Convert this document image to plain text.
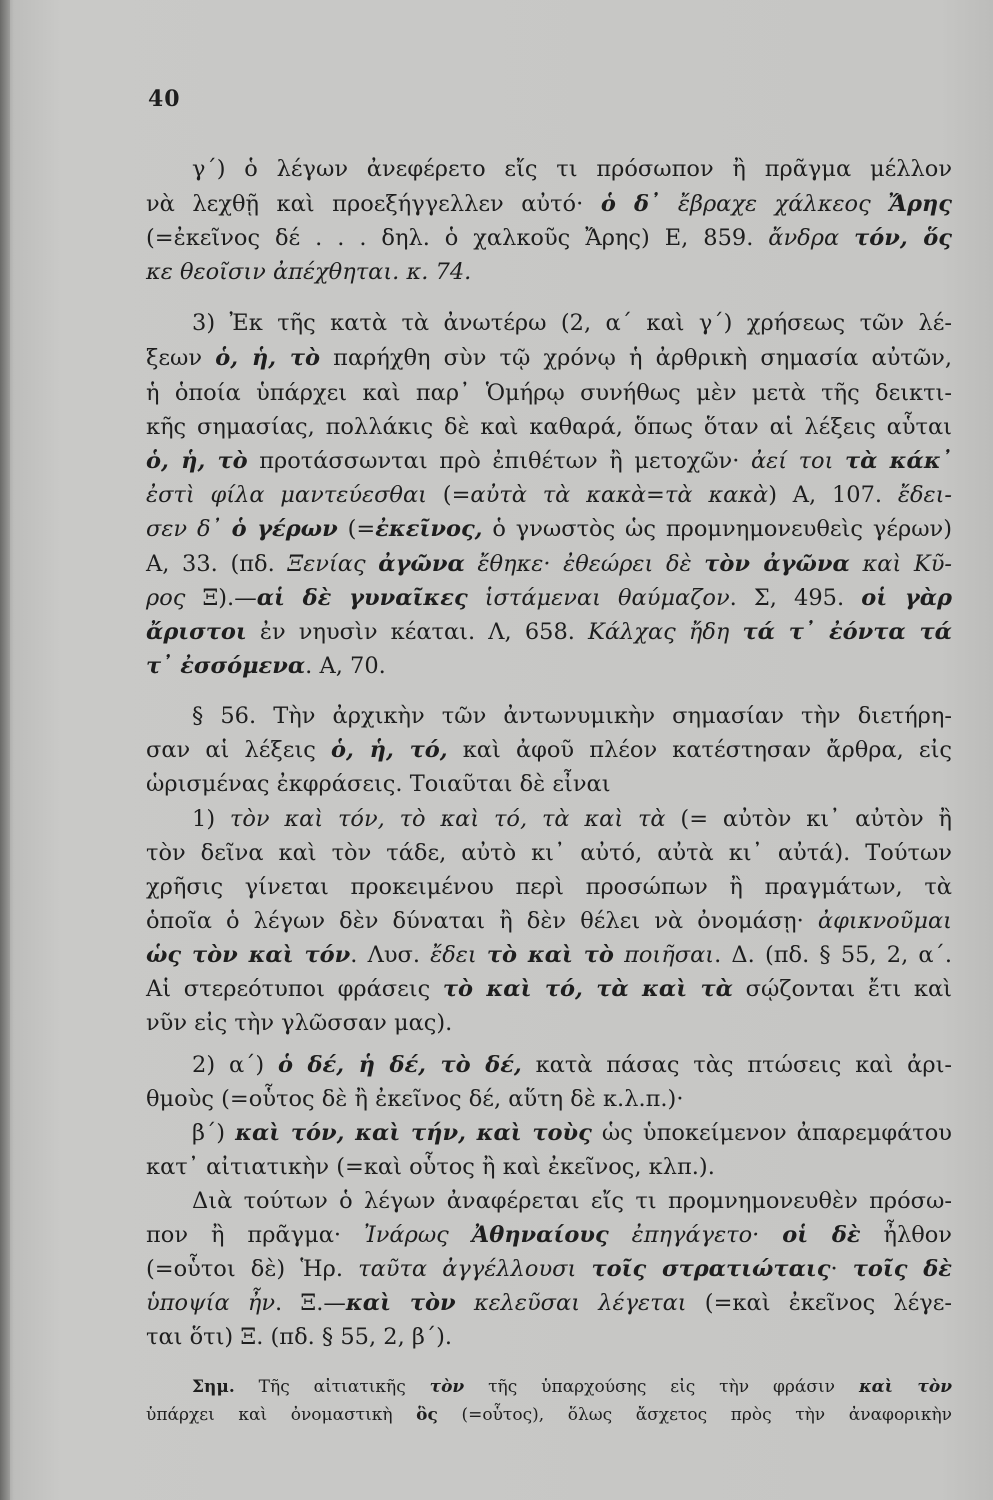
40
γ΄) ὁ λέγων ἀνεφέρετο εἴς τι πρόσωπον ἢ πρᾶγμα μέλλον
νὰ λεχθῇ καὶ προεξήγγελλεν αὐτό· ὁ δ᾽ ἔβραχε χάλκεος Ἄρης
(=ἐκεῖνος δέ . . . δηλ. ὁ χαλκοῦς Ἄρης) Ε, 859. ἄνδρα τόν, ὅς
κε θεοῖσιν ἀπέχθηται. κ. 74.
3) Ἐκ τῆς κατὰ τὰ ἀνωτέρω (2, α΄ καὶ γ΄) χρήσεως τῶν λέ-
ξεων ὁ, ἡ, τὸ παρήχθη σὺν τῷ χρόνῳ ἡ ἀρθρικὴ σημασία αὐτῶν,
ἡ ὁποία ὑπάρχει καὶ παρ᾽ Ὁμήρῳ συνήθως μὲν μετὰ τῆς δεικτι-
κῆς σημασίας, πολλάκις δὲ καὶ καθαρά, ὅπως ὅταν αἱ λέξεις αὗται
ὁ, ἡ, τὸ προτάσσωνται πρὸ ἐπιθέτων ἢ μετοχῶν· ἀεί τοι τὰ κάκ᾽
ἐστὶ φίλα μαντεύεσθαι (=αὐτὰ τὰ κακὰ=τὰ κακὰ) Α, 107. ἔδει-
σεν δ᾽ ὁ γέρων (=ἐκεῖνος, ὁ γνωστὸς ὡς προμνημονευθεὶς γέρων)
Α, 33. (πδ. Ξενίας ἀγῶνα ἔθηκε· ἐθεώρει δὲ τὸν ἀγῶνα καὶ Κῦ-
ρος Ξ).—αἱ δὲ γυναῖκες ἱστάμεναι θαύμαζον. Σ, 495. οἱ γὰρ
ἄριστοι ἐν νηυσὶν κέαται. Λ, 658. Κάλχας ἤδη τά τ᾽ ἐόντα τά
τ᾽ ἐσσόμενα. Α, 70.
§ 56. Τὴν ἀρχικὴν τῶν ἀντωνυμικὴν σημασίαν τὴν διετήρη-
σαν αἱ λέξεις ὁ, ἡ, τό, καὶ ἀφοῦ πλέον κατέστησαν ἄρθρα, εἰς
ὡρισμένας ἐκφράσεις. Τοιαῦται δὲ εἶναι
1) τὸν καὶ τόν, τὸ καὶ τό, τὰ καὶ τὰ (= αὐτὸν κι᾽ αὐτὸν ἢ
τὸν δεῖνα καὶ τὸν τάδε, αὐτὸ κι᾽ αὐτό, αὐτὰ κι᾽ αὐτά). Τούτων
χρῆσις γίνεται προκειμένου περὶ προσώπων ἢ πραγμάτων, τὰ
ὁποῖα ὁ λέγων δὲν δύναται ἢ δὲν θέλει νὰ ὀνομάσῃ· ἀφικνοῦμαι
ὡς τὸν καὶ τόν. Λυσ. ἔδει τὸ καὶ τὸ ποιῆσαι. Δ. (πδ. § 55, 2, α΄.
Αἱ στερεότυποι φράσεις τὸ καὶ τό, τὰ καὶ τὰ σῴζονται ἔτι καὶ
νῦν εἰς τὴν γλῶσσαν μας).
2) α΄) ὁ δέ, ἡ δέ, τὸ δέ, κατὰ πάσας τὰς πτώσεις καὶ ἀρι-
θμοὺς (=οὗτος δὲ ἢ ἐκεῖνος δέ, αὕτη δὲ κ.λ.π.)·
β΄) καὶ τόν, καὶ τήν, καὶ τοὺς ὡς ὑποκείμενον ἀπαρεμφάτου
κατ᾽ αἰτιατικὴν (=καὶ οὗτος ἢ καὶ ἐκεῖνος, κλπ.).
Διὰ τούτων ὁ λέγων ἀναφέρεται εἴς τι προμνημονευθὲν πρόσω-
πον ἢ πρᾶγμα· Ἰνάρως Ἀθηναίους ἐπηγάγετο· οἱ δὲ ἦλθον
(=οὗτοι δὲ) Ἡρ. ταῦτα ἀγγέλλουσι τοῖς στρατιώταις· τοῖς δὲ
ὑποψία ἦν. Ξ.—καὶ τὸν κελεῦσαι λέγεται (=καὶ ἐκεῖνος λέγε-
ται ὅτι) Ξ. (πδ. § 55, 2, β΄).
Σημ. Τῆς αἰτιατικῆς τὸν τῆς ὑπαρχούσης εἰς τὴν φράσιν καὶ τὸν
ὑπάρχει καὶ ὀνομαστικὴ ὃς (=οὗτος), ὅλως ἄσχετος πρὸς τὴν ἀναφορικὴν
